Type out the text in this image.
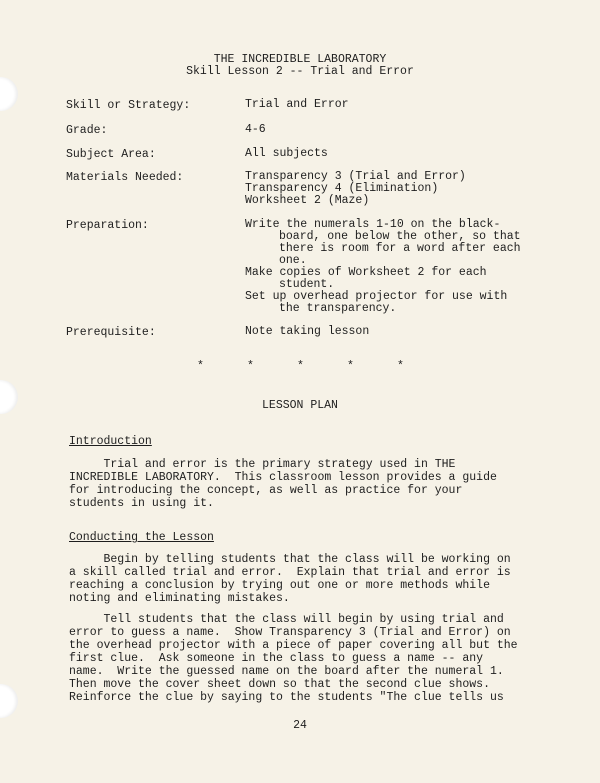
THE INCREDIBLE LABORATORY
Skill Lesson 2 -- Trial and Error
Skill or Strategy:	Trial and Error
Grade:	4-6
Subject Area:	All subjects
Materials Needed:	Transparency 3 (Trial and Error)
Transparency 4 (Elimination)
Worksheet 2 (Maze)
Preparation:	Write the numerals 1-10 on the black-
board, one below the other, so that
there is room for a word after each
one.
Make copies of Worksheet 2 for each
student.
Set up overhead projector for use with
the transparency.
Prerequisite:	Note taking lesson
*	*	*	*	*
LESSON PLAN
Introduction
Trial and error is the primary strategy used in THE
INCREDIBLE LABORATORY.  This classroom lesson provides a guide
for introducing the concept, as well as practice for your
students in using it.
Conducting the Lesson
Begin by telling students that the class will be working on
a skill called trial and error.  Explain that trial and error is
reaching a conclusion by trying out one or more methods while
noting and eliminating mistakes.
Tell students that the class will begin by using trial and
error to guess a name.  Show Transparency 3 (Trial and Error) on
the overhead projector with a piece of paper covering all but the
first clue.  Ask someone in the class to guess a name -- any
name.  Write the guessed name on the board after the numeral 1.
Then move the cover sheet down so that the second clue shows.
Reinforce the clue by saying to the students "The clue tells us
24
